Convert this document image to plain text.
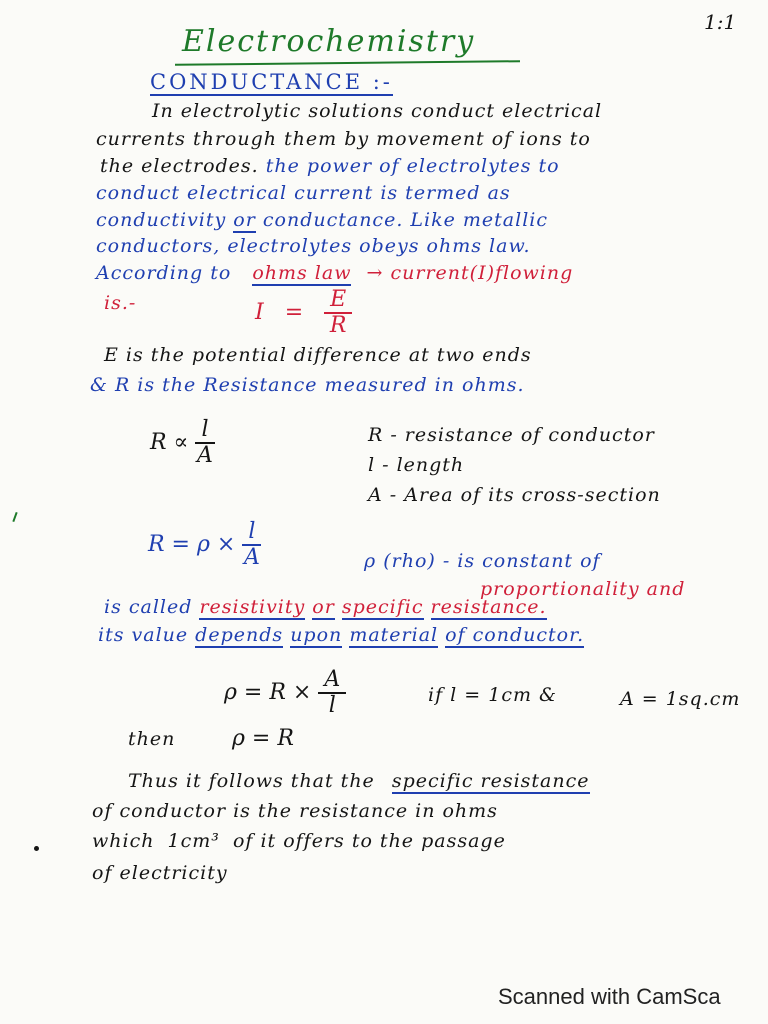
1:1
Electrochemistry
CONDUCTANCE :-
In electrolytic solutions conduct electrical
currents through them by movement of ions to
the electrodes. the power of electrolytes to
conduct electrical current is termed as
conductivity or conductance. Like metallic
conductors, electrolytes obeys ohms law.
According to ohms law → current(I)flowing
is.-	$I = \frac{E}{R}$
E is the potential difference at two ends
& R is the Resistance measured in ohms.
$R \propto \frac{l}{A}$	R - resistance of conductor
l - length
A - Area of its cross-section
$R = \rho \times \frac{l}{A}$	ρ (rho) - is constant of
proportionality and
is called resistivity or specific resistance.
its value depends upon material of conductor.
$\rho = R \times \frac{A}{l}$	if l = 1cm &	A = 1sq.cm
then	ρ = R
Thus it follows that the specific resistance
of conductor is the resistance in ohms
which 1cm³ of it offers to the passage
of electricity
Scanned with CamSca
